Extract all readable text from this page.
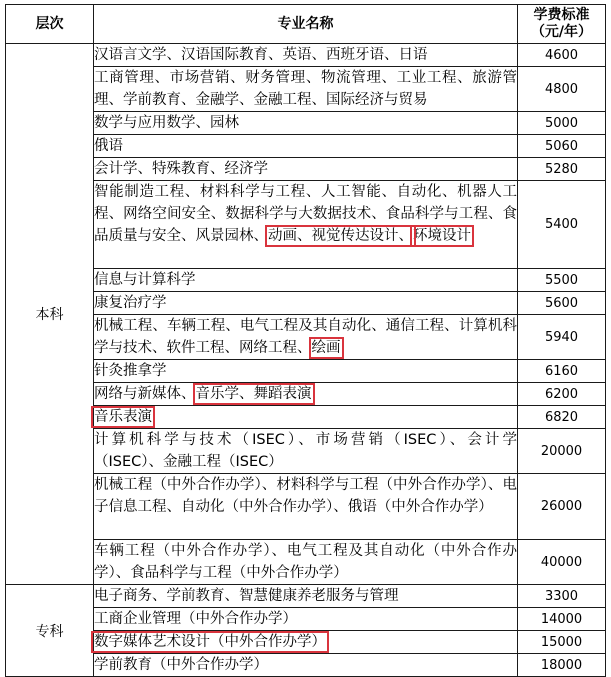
层次	专业名称	学费标准
（元/年）

本科	汉语言文学、汉语国际教育、英语、西班牙语、日语	4600
	工商管理、市场营销、财务管理、物流管理、工业工程、旅游管理、学前教育、金融学、金融工程、国际经济与贸易	4800
	数学与应用数学、园林	5000
	俄语	5060
	会计学、特殊教育、经济学	5280
	智能制造工程、材料科学与工程、人工智能、自动化、机器人工程、网络空间安全、数据科学与大数据技术、食品科学与工程、食品质量与安全、风景园林、动画、视觉传达设计、环境设计	5400
	信息与计算科学	5500
	康复治疗学	5600
	机械工程、车辆工程、电气工程及其自动化、通信工程、计算机科学与技术、软件工程、网络工程、绘画	5940
	针灸推拿学	6160
	网络与新媒体、音乐学、舞蹈表演	6200
	音乐表演	6820
	计算机科学与技术（ISEC）、市场营销（ISEC）、会计学（ISEC）、金融工程（ISEC）	20000
	机械工程（中外合作办学）、材料科学与工程（中外合作办学）、电子信息工程、自动化（中外合作办学）、俄语（中外合作办学）	26000
	车辆工程（中外合作办学）、电气工程及其自动化（中外合作办学）、食品科学与工程（中外合作办学）	40000
专科	电子商务、学前教育、智慧健康养老服务与管理	3300
	工商企业管理（中外合作办学）	14000
	数字媒体艺术设计（中外合作办学）	15000
	学前教育（中外合作办学）	18000
